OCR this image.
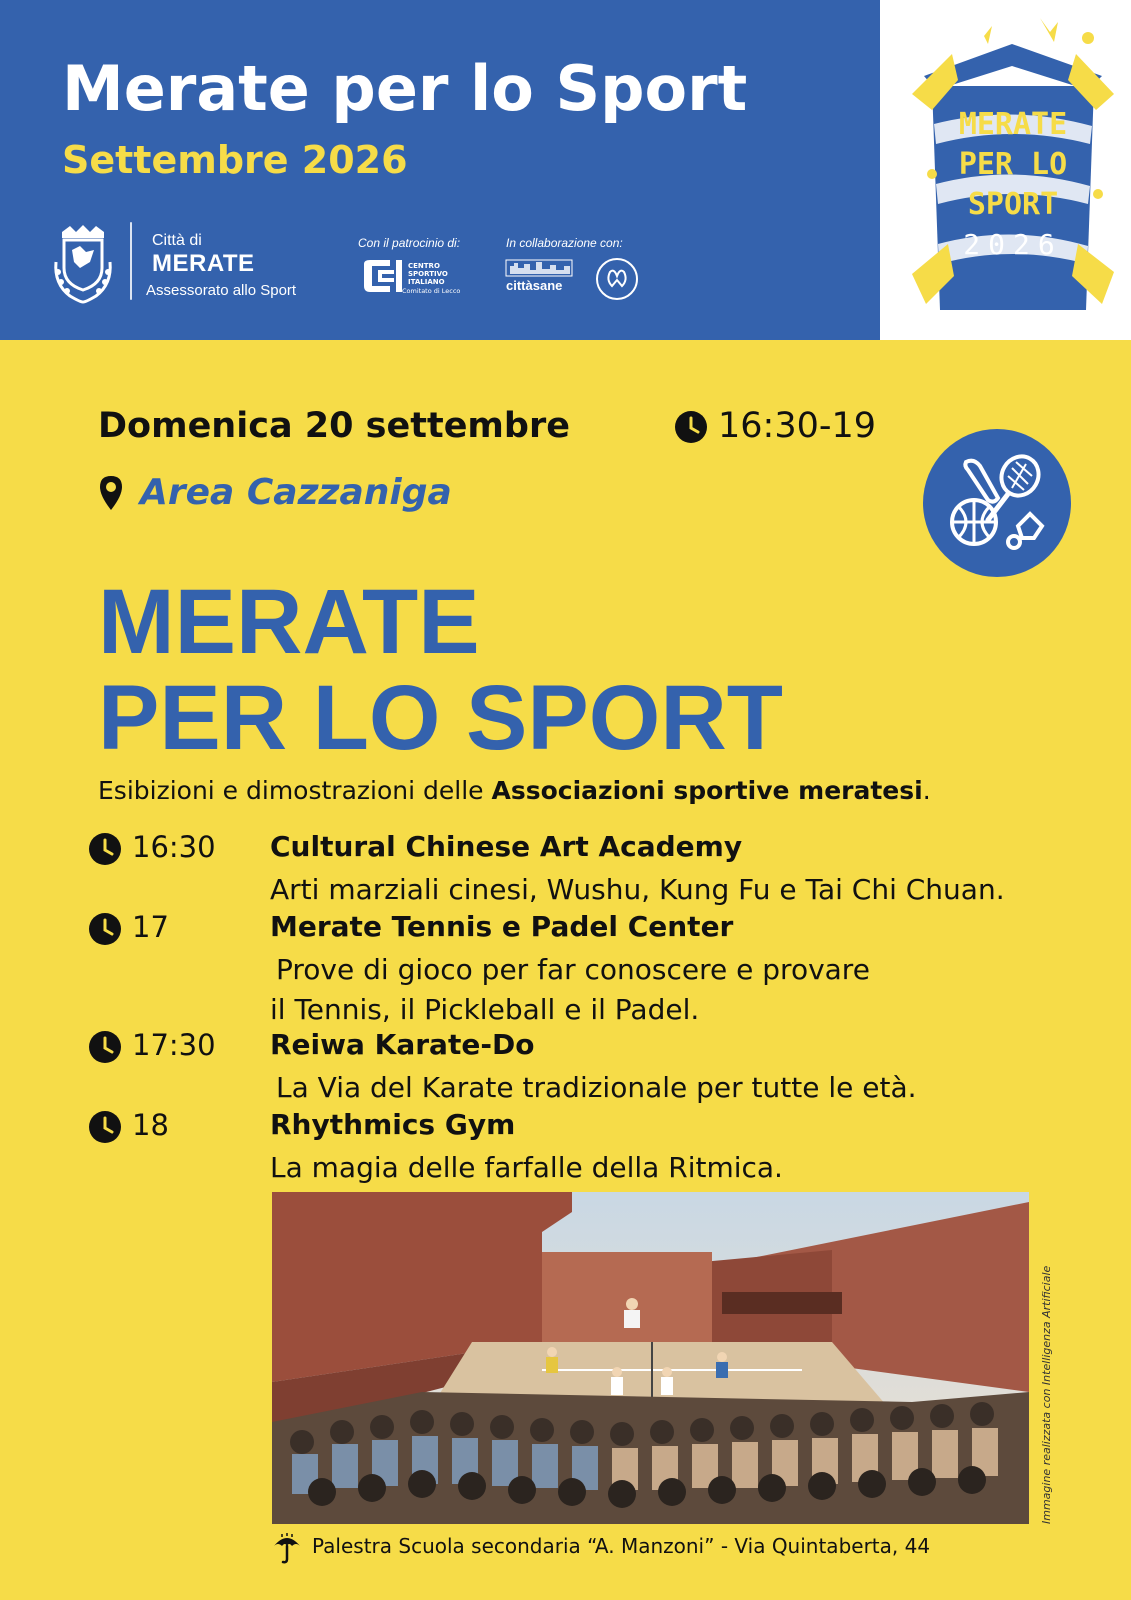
Merate per lo Sport
Settembre 2026
Città di
MERATE
Assessorato allo Sport
Con il patrocinio di:	In collaborazione con:
CENTRO
SPORTIVO
ITALIANO
Comitato di Lecco	cittàsane
MERATE
PER LO
SPORT
2026
Domenica 20 settembre	16:30-19
Area Cazzaniga
MERATE
PER LO SPORT
Esibizioni e dimostrazioni delle Associazioni sportive meratesi.
16:30 Cultural Chinese Art Academy
Arti marziali cinesi, Wushu, Kung Fu e Tai Chi Chuan.
17	Merate Tennis e Padel Center
Prove di gioco per far conoscere e provare
il Tennis, il Pickleball e il Padel.
17:30 Reiwa Karate-Do
La Via del Karate tradizionale per tutte le età.
18	Rhythmics Gym
La magia delle farfalle della Ritmica.
Immagine realizzata con Intelligenza Artificiale
Palestra Scuola secondaria “A. Manzoni” - Via Quintaberta, 44
